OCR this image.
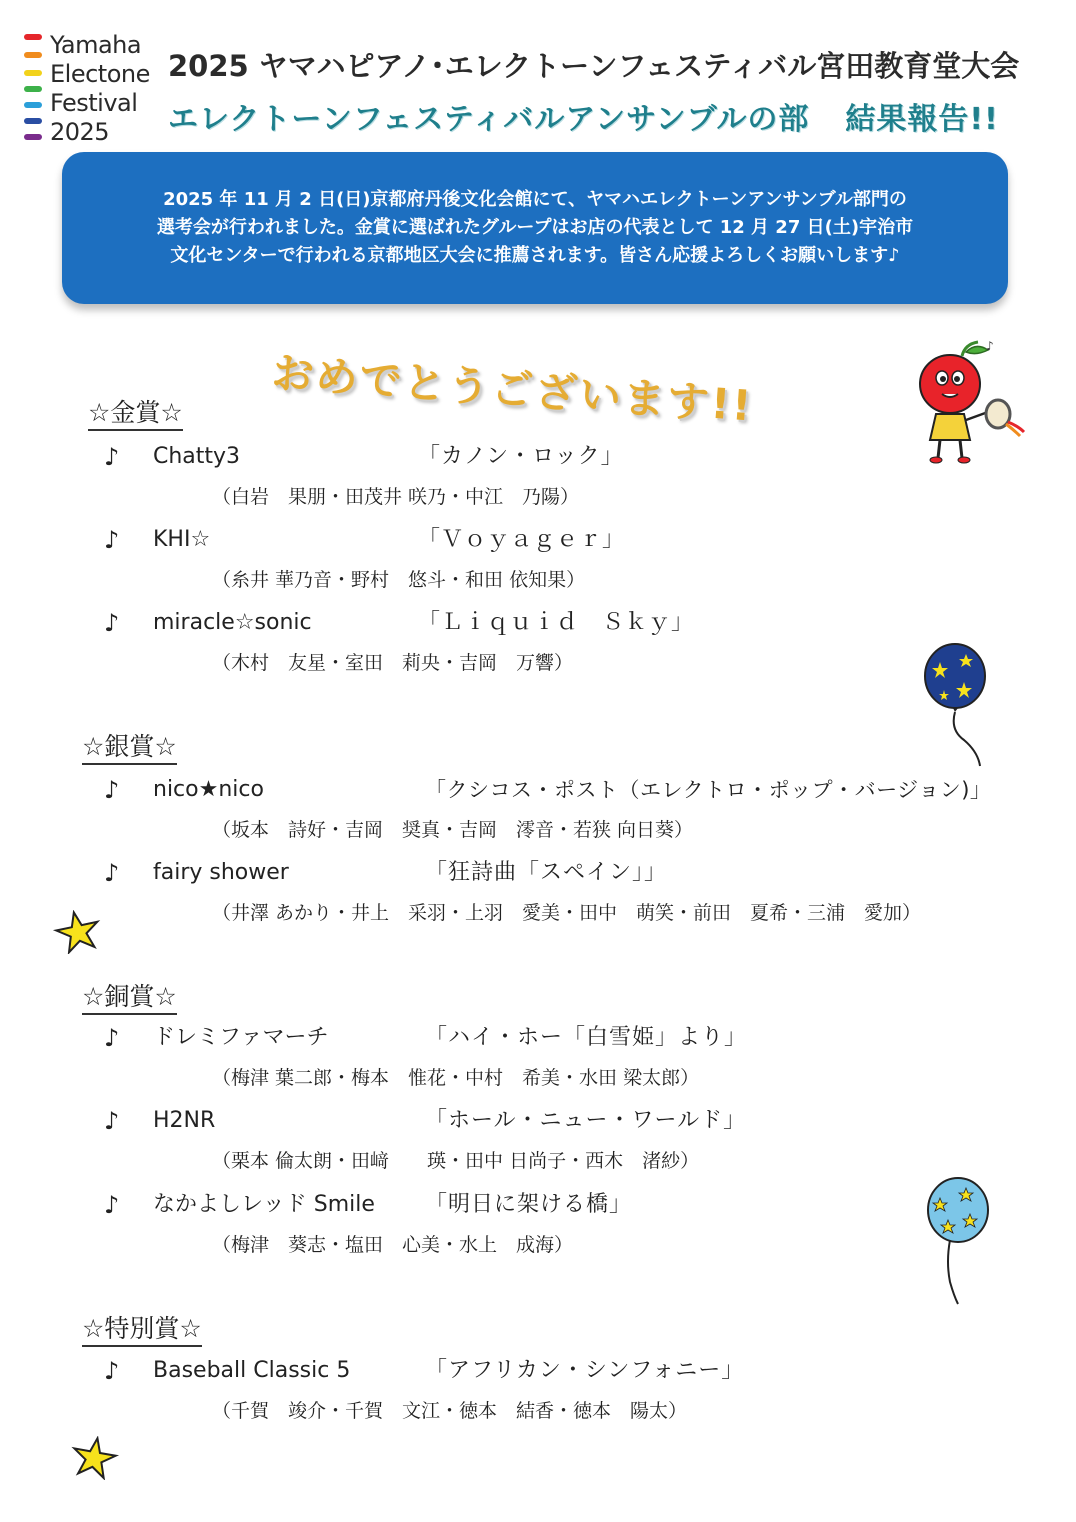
Yamaha
Electone
Festival
2025
2025 ヤマハピアノ･エレクトーンフェスティバル宮田教育堂大会
エレクトーンフェスティバルアンサンブルの部 結果報告!!

2025 年 11 月 2 日(日)京都府丹後文化会館にて、ヤマハエレクトーンアンサンブル部門の

選考会が行われました。金賞に選ばれたグループはお店の代表として 12 月 27 日(土)宇治市

文化センターで行われる京都地区大会に推薦されます。皆さん応援よろしくお願いします♪

おめでとうございます!!
♪
☆金賞☆
♪ Chatty3	「カノン・ロック」
（白岩　果朋・田茂井 咲乃・中江　乃陽）
♪ KHI☆	「Ｖｏｙａｇｅｒ」
（糸井 華乃音・野村　悠斗・和田 依知果）
♪ miracle☆sonic	「Ｌｉｑｕｉｄ　Ｓｋｙ」
（木村　友星・室田　莉央・吉岡　万響）
☆銀賞☆
♪ nico★nico	「クシコス・ポスト（エレクトロ・ポップ・バージョン)」
（坂本　詩好・吉岡　奨真・吉岡　澪音・若狭 向日葵）
♪ fairy shower	「狂詩曲「スペイン」」
（井澤 あかり・井上　采羽・上羽　愛美・田中　萌笑・前田　夏希・三浦　愛加）
☆銅賞☆
♪ ドレミファマーチ	「ハイ・ホー「白雪姫」より」
（梅津 葉二郎・梅本　惟花・中村　希美・水田 梁太郎）
♪ H2NR	「ホール・ニュー・ワールド」
（栗本 倫太朗・田﨑　　瑛・田中 日尚子・西木　渚紗）
♪ なかよしレッド Smile 「明日に架ける橋」
（梅津　葵志・塩田　心美・水上　成海）
☆特別賞☆
♪ Baseball Classic 5	「アフリカン・シンフォニー」
（千賀　竣介・千賀　文江・徳本　結香・徳本　陽太）
